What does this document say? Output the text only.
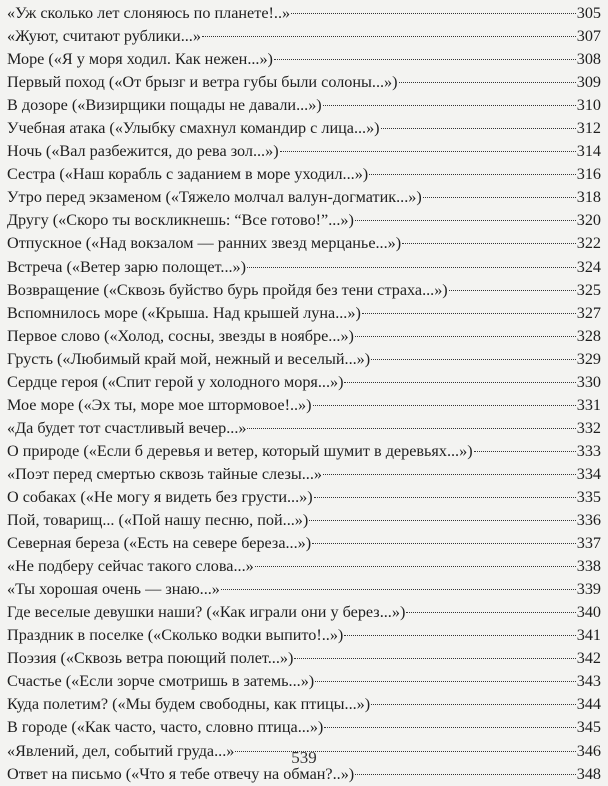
«Уж сколько лет слоняюсь по планете!..»	305
«Жуют, считают рублики...»	307
Море («Я у моря ходил. Как нежен...»)	308
Первый поход («От брызг и ветра губы были солоны...»)	309
В дозоре («Визирщики пощады не давали...»)	310
Учебная атака («Улыбку смахнул командир с лица...»)	312
Ночь («Вал разбежится, до рева зол...»)	314
Сестра («Наш корабль с заданием в море уходил...»)	316
Утро перед экзаменом («Тяжело молчал валун-догматик...»)	318
Другу («Скоро ты воскликнешь: “Все готово!”...»)	320
Отпускное («Над вокзалом — ранних звезд мерцанье...»)	322
Встреча («Ветер зарю полощет...»)	324
Возвращение («Сквозь буйство бурь пройдя без тени страха...»)	325
Вспомнилось море («Крыша. Над крышей луна...»)	327
Первое слово («Холод, сосны, звезды в ноябре...»)	328
Грусть («Любимый край мой, нежный и веселый...»)	329
Сердце героя («Спит герой у холодного моря...»)	330
Мое море («Эх ты, море мое штормовое!..»)	331
«Да будет тот счастливый вечер...»	332
О природе («Если б деревья и ветер, который шумит в деревьях...»)	333
«Поэт перед смертью сквозь тайные слезы...»	334
О собаках («Не могу я видеть без грусти...»)	335
Пой, товарищ... («Пой нашу песню, пой...»)	336
Северная береза («Есть на севере береза...»)	337
«Не подберу сейчас такого слова...»	338
«Ты хорошая очень — знаю...»	339
Где веселые девушки наши? («Как играли они у берез...»)	340
Праздник в поселке («Сколько водки выпито!..»)	341
Поэзия («Сквозь ветра поющий полет...»)	342
Счастье («Если зорче смотришь в затемь...»)	343
Куда полетим? («Мы будем свободны, как птицы...»)	344
В городе («Как часто, часто, словно птица...»)	345
«Явлений, дел, событий груда...»	346
Ответ на письмо («Что я тебе отвечу на обман?..»)	348
539
